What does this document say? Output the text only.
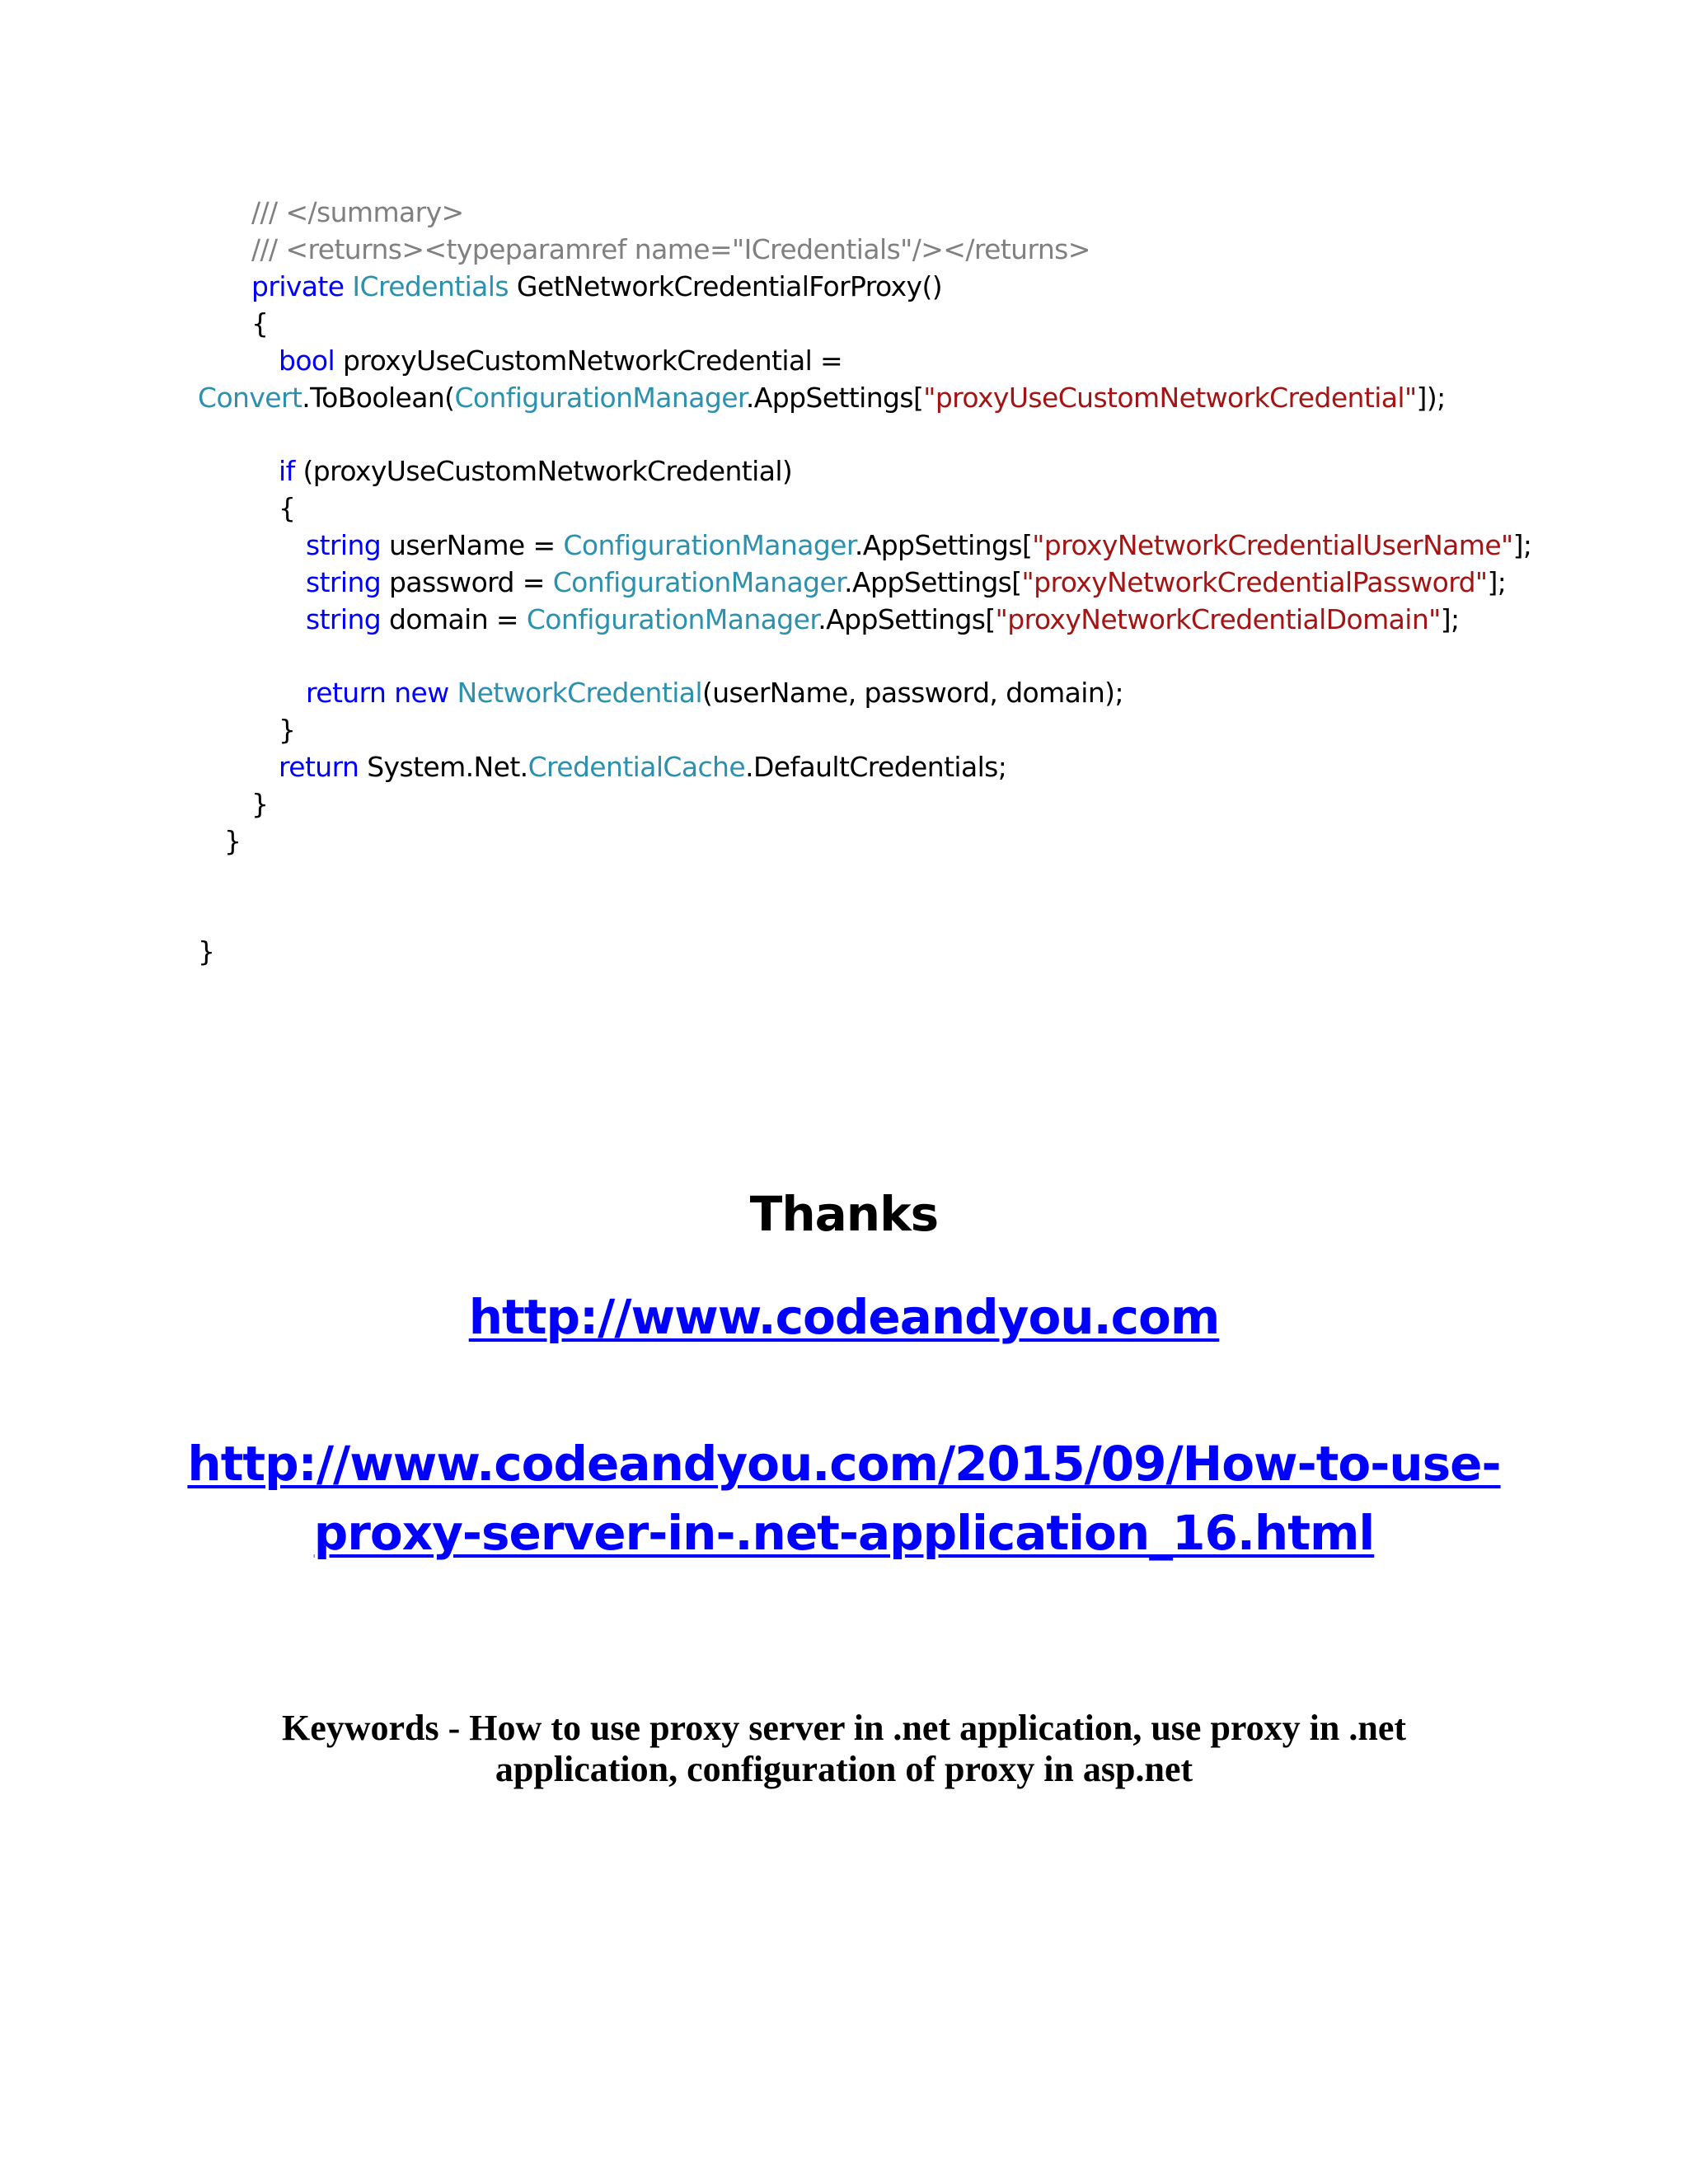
/// </summary>
/// <returns><typeparamref name="ICredentials"/></returns>
private ICredentials GetNetworkCredentialForProxy()
{
bool proxyUseCustomNetworkCredential =
Convert.ToBoolean(ConfigurationManager.AppSettings["proxyUseCustomNetworkCredential"]);
if (proxyUseCustomNetworkCredential)
{
string userName = ConfigurationManager.AppSettings["proxyNetworkCredentialUserName"];
string password = ConfigurationManager.AppSettings["proxyNetworkCredentialPassword"];
string domain = ConfigurationManager.AppSettings["proxyNetworkCredentialDomain"];
return new NetworkCredential(userName, password, domain);
}
return System.Net.CredentialCache.DefaultCredentials;
}
}
}
Thanks
http://www.codeandyou.com
http://www.codeandyou.com/2015/09/How-to-use-
proxy-server-in-.net-application_16.html
Keywords - How to use proxy server in .net application, use proxy in .net
application, configuration of proxy in asp.net
